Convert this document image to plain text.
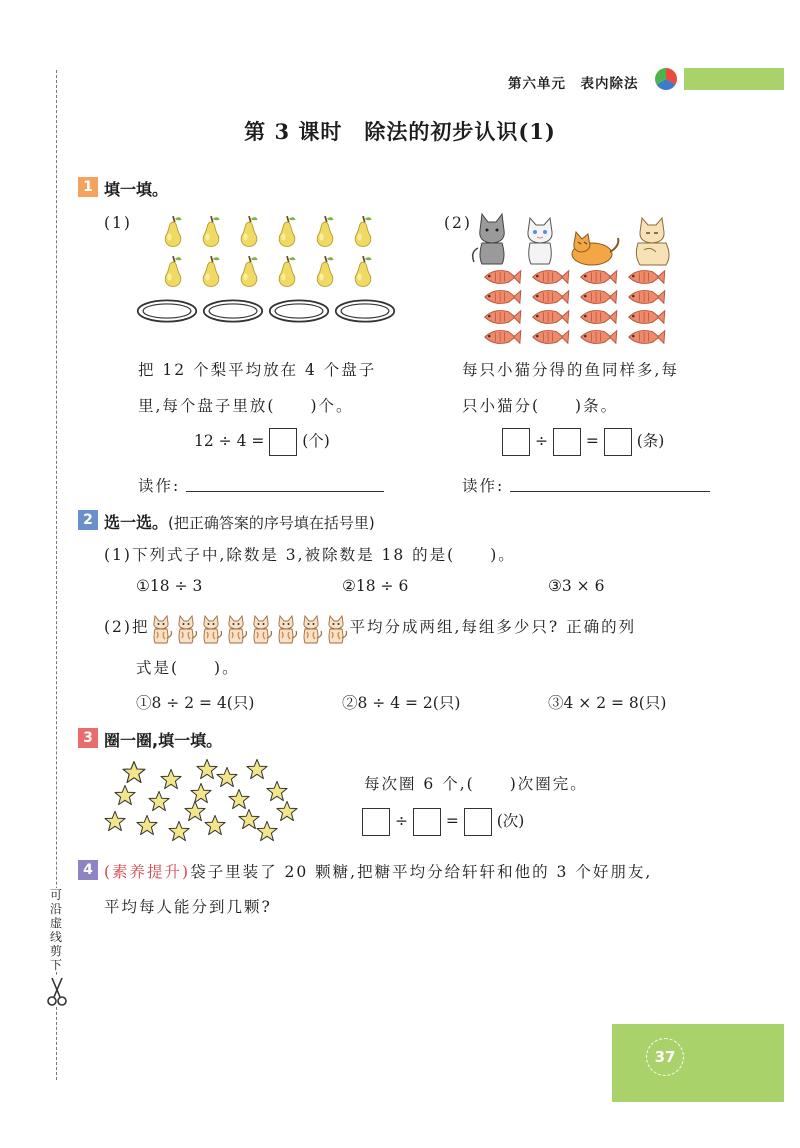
可
沿
虚
线
剪
下
第六单元　表内除法
第 3 课时　除法的初步认识(1)
1 填一填。
(1)	(2)
把 12 个梨平均放在 4 个盘子
里,每个盘子里放(　　)个。
每只小猫分得的鱼同样多,每
只小猫分(　　)条。
12 ÷ 4 = (个)	÷ = (条)
读作:	读作:
2 选一选。(把正确答案的序号填在括号里)
(1)下列式子中,除数是 3,被除数是 18 的是(　　)。
①18 ÷ 3	②18 ÷ 6	③3 × 6
(2)把	平均分成两组,每组多少只? 正确的列
式是(　　)。
①8 ÷ 2 = 4(只)	②8 ÷ 4 = 2(只)	③4 × 2 = 8(只)
3 圈一圈,填一填。
每次圈 6 个,(　　)次圈完。
÷ = (次)
4 (素养提升)袋子里装了 20 颗糖,把糖平均分给轩轩和他的 3 个好朋友,
平均每人能分到几颗?
37
